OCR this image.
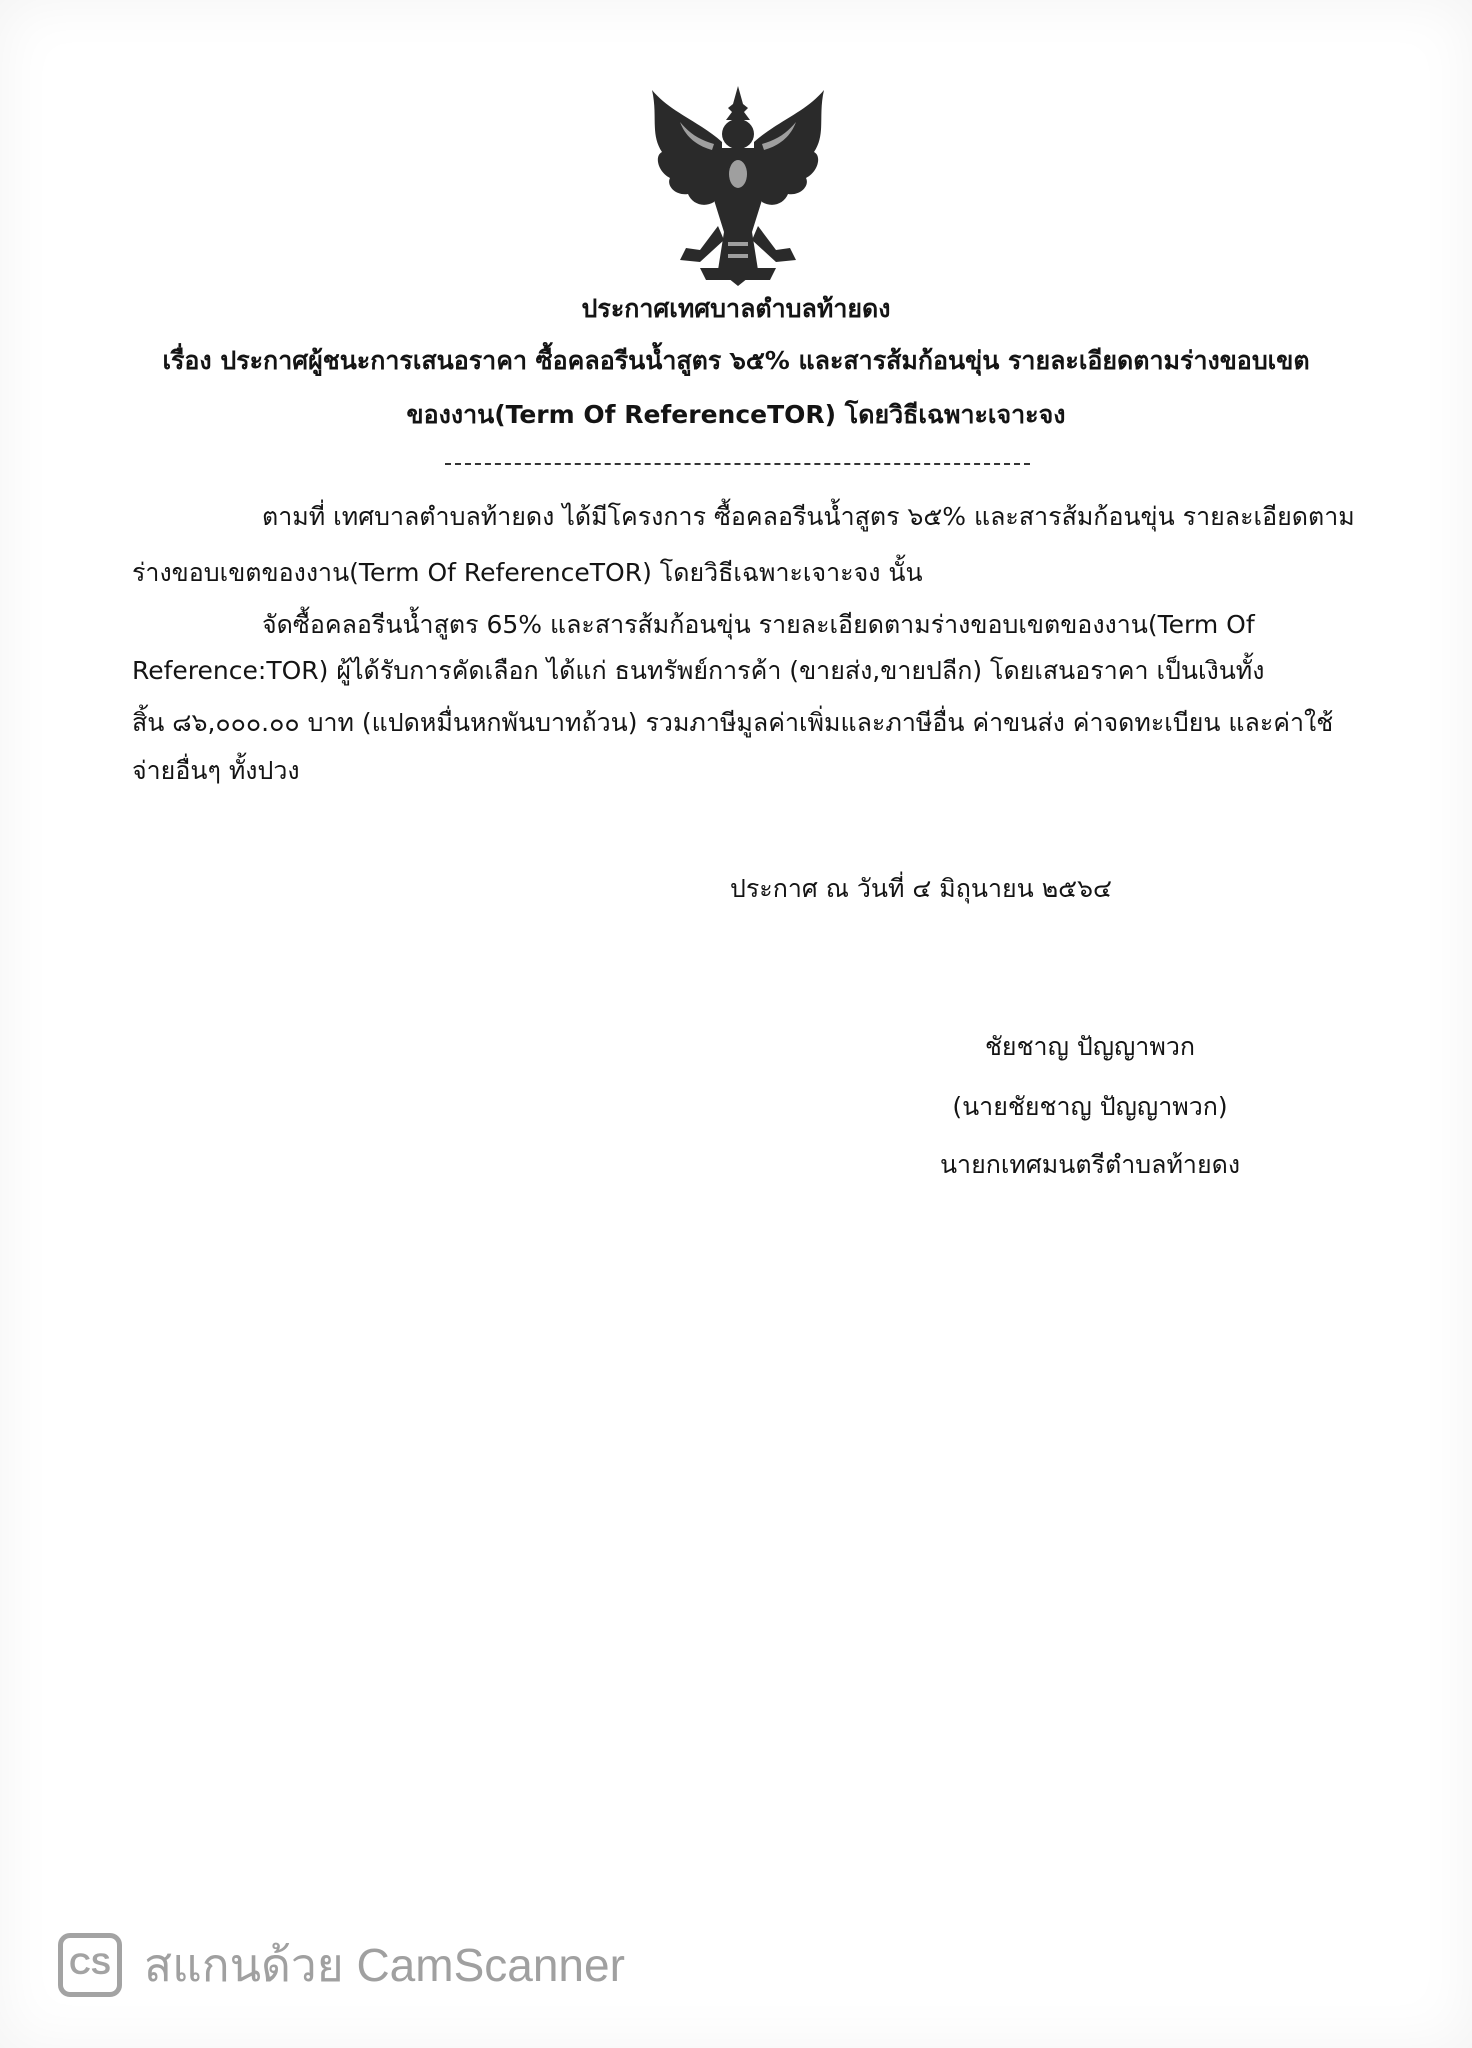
ประกาศเทศบาลตำบลท้ายดง

เรื่อง ประกาศผู้ชนะการเสนอราคา ซื้อคลอรีนน้ำสูตร ๖๕% และสารส้มก้อนขุ่น รายละเอียดตามร่างขอบเขต

ของงาน(Term Of ReferenceTOR) โดยวิธีเฉพาะเจาะจง

ตามที่ เทศบาลตำบลท้ายดง ได้มีโครงการ ซื้อคลอรีนน้ำสูตร ๖๕% และสารส้มก้อนขุ่น รายละเอียดตาม

ร่างขอบเขตของงาน(Term Of ReferenceTOR) โดยวิธีเฉพาะเจาะจง นั้น

จัดซื้อคลอรีนน้ำสูตร 65% และสารส้มก้อนขุ่น รายละเอียดตามร่างขอบเขตของงาน(Term Of

Reference:TOR) ผู้ได้รับการคัดเลือก ได้แก่ ธนทรัพย์การค้า (ขายส่ง,ขายปลีก) โดยเสนอราคา เป็นเงินทั้ง

สิ้น ๘๖,๐๐๐.๐๐ บาท (แปดหมื่นหกพันบาทถ้วน) รวมภาษีมูลค่าเพิ่มและภาษีอื่น ค่าขนส่ง ค่าจดทะเบียน และค่าใช้

จ่ายอื่นๆ ทั้งปวง

ประกาศ ณ วันที่ ๔ มิถุนายน ๒๕๖๔

ชัยชาญ ปัญญาพวก

(นายชัยชาญ ปัญญาพวก)

นายกเทศมนตรีตำบลท้ายดง

CS สแกนด้วย CamScanner
